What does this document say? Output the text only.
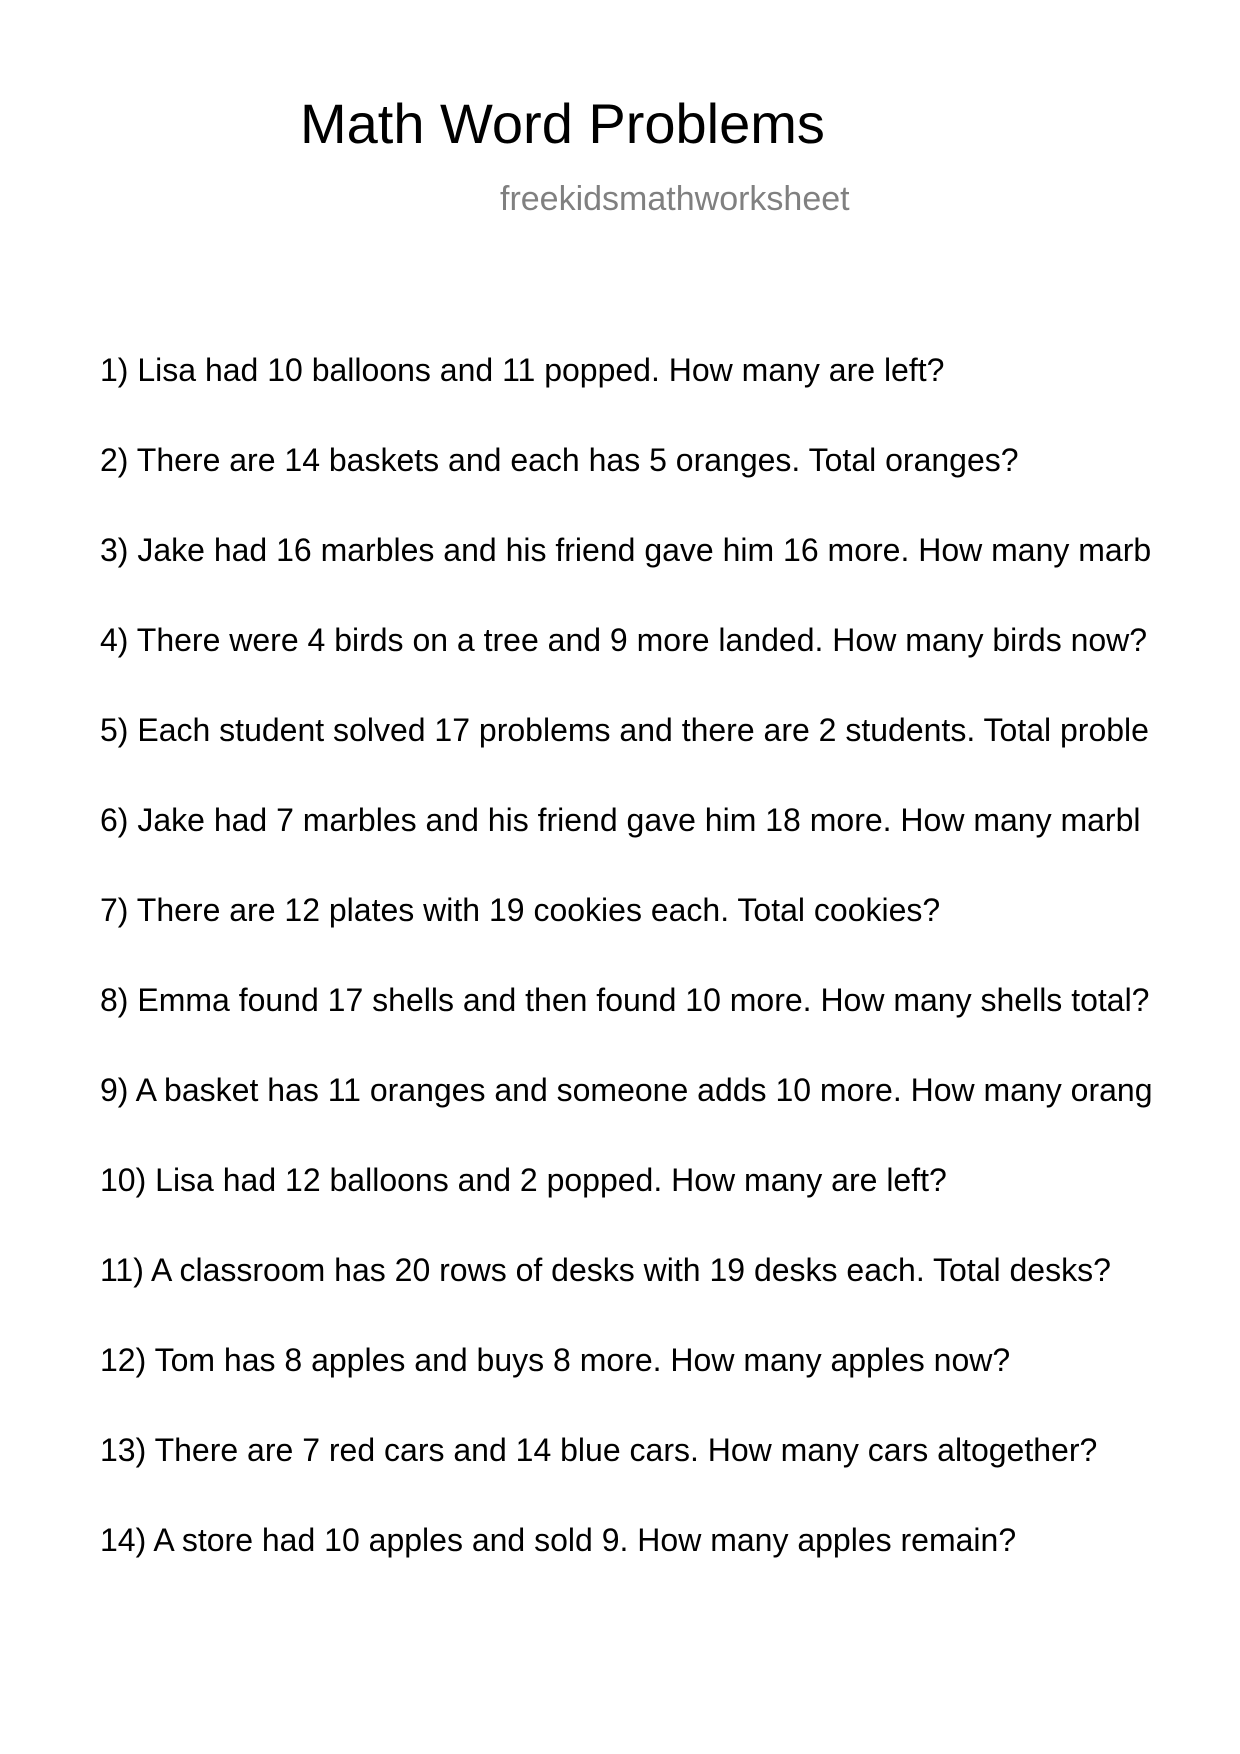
Math Word Problems
freekidsmathworksheet
1) Lisa had 10 balloons and 11 popped. How many are left?
2) There are 14 baskets and each has 5 oranges. Total oranges?
3) Jake had 16 marbles and his friend gave him 16 more. How many marb
4) There were 4 birds on a tree and 9 more landed. How many birds now?
5) Each student solved 17 problems and there are 2 students. Total proble
6) Jake had 7 marbles and his friend gave him 18 more. How many marbl
7) There are 12 plates with 19 cookies each. Total cookies?
8) Emma found 17 shells and then found 10 more. How many shells total?
9) A basket has 11 oranges and someone adds 10 more. How many orang
10) Lisa had 12 balloons and 2 popped. How many are left?
11) A classroom has 20 rows of desks with 19 desks each. Total desks?
12) Tom has 8 apples and buys 8 more. How many apples now?
13) There are 7 red cars and 14 blue cars. How many cars altogether?
14) A store had 10 apples and sold 9. How many apples remain?
